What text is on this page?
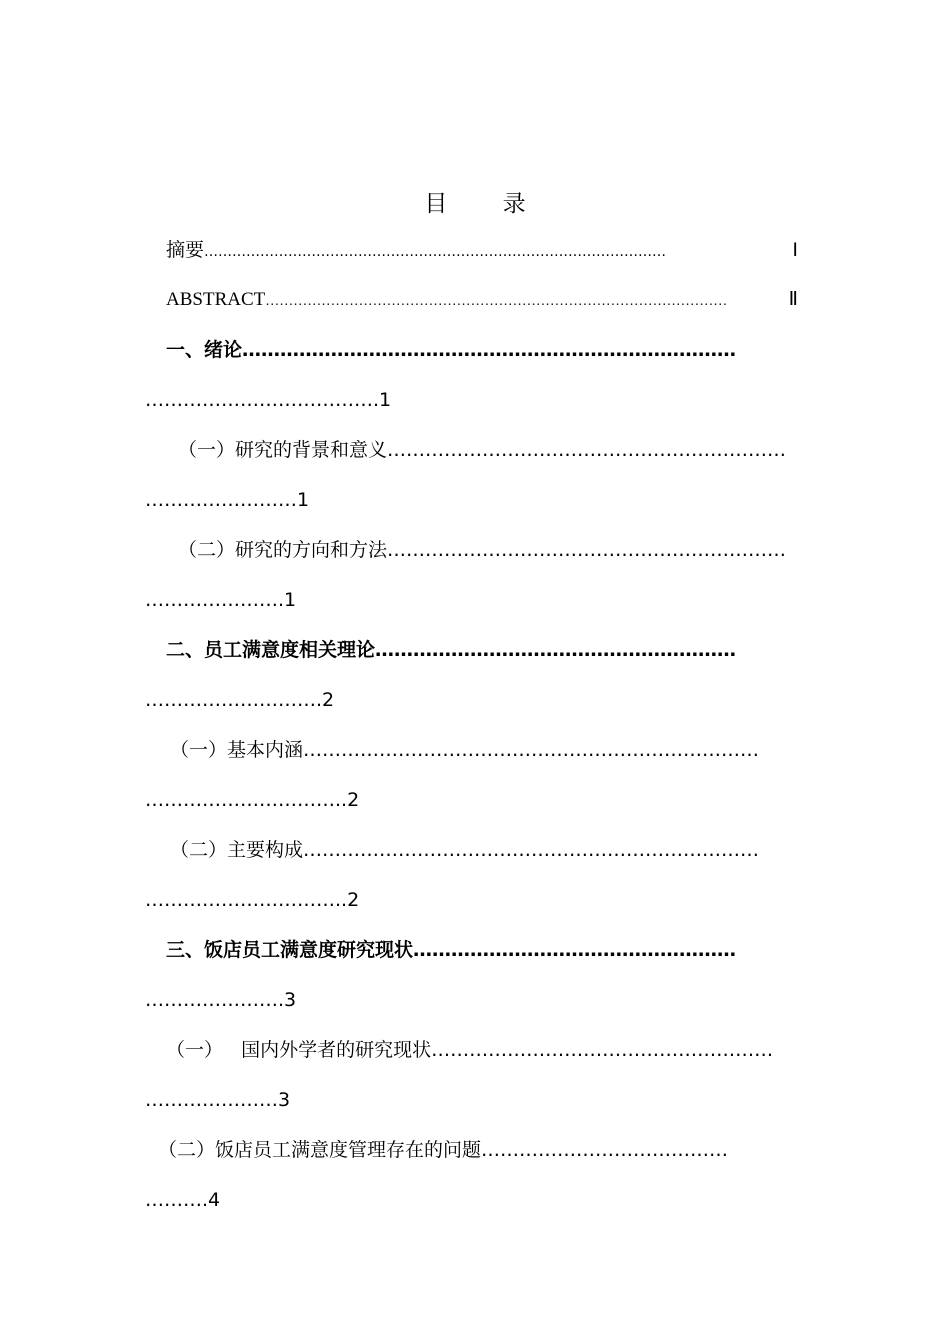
目 录
摘要 ………………………………………………………………………………………	Ⅰ
ABSTRACT ………………………………………………………………………………………	Ⅱ
一、绪论 ……………………………………………………………………
……………………………….1
（一）研究的背景和意义 ………………………………………………………
……………………1
（二）研究的方向和方法 ………………………………………………………
………………….1
二、员工满意度相关理论 …………………………………………………
……………………….2
（一）基本内涵 ………………………………………………………………
…………………………..2
（二）主要构成 ………………………………………………………………
…………………………..2
三、饭店员工满意度研究现状 ……………………………………………
………………….3
（一）   国内外学者的研究现状 ………………………………………………
…………………3
（二）饭店员工满意度管理存在的问题 …………………………………
……….4
